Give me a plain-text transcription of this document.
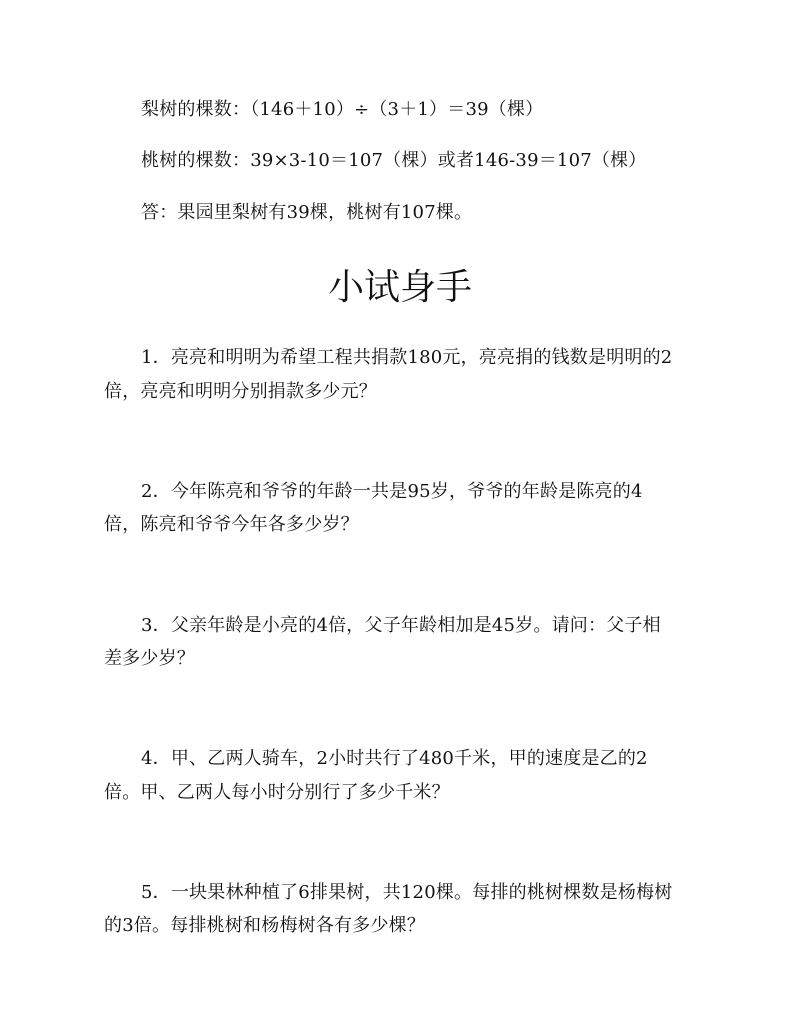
梨树的棵数：（146＋10）÷（3＋1）＝39（棵）
桃树的棵数：39×3-10＝107（棵）或者146-39＝107（棵）
答：果园里梨树有39棵，桃树有107棵。
小试身手
1．亮亮和明明为希望工程共捐款180元，亮亮捐的钱数是明明的2
倍，亮亮和明明分别捐款多少元？
2．今年陈亮和爷爷的年龄一共是95岁，爷爷的年龄是陈亮的4
倍，陈亮和爷爷今年各多少岁？
3．父亲年龄是小亮的4倍，父子年龄相加是45岁。请问：父子相
差多少岁？
4．甲、乙两人骑车，2小时共行了480千米，甲的速度是乙的2
倍。甲、乙两人每小时分别行了多少千米？
5．一块果林种植了6排果树，共120棵。每排的桃树棵数是杨梅树
的3倍。每排桃树和杨梅树各有多少棵？
